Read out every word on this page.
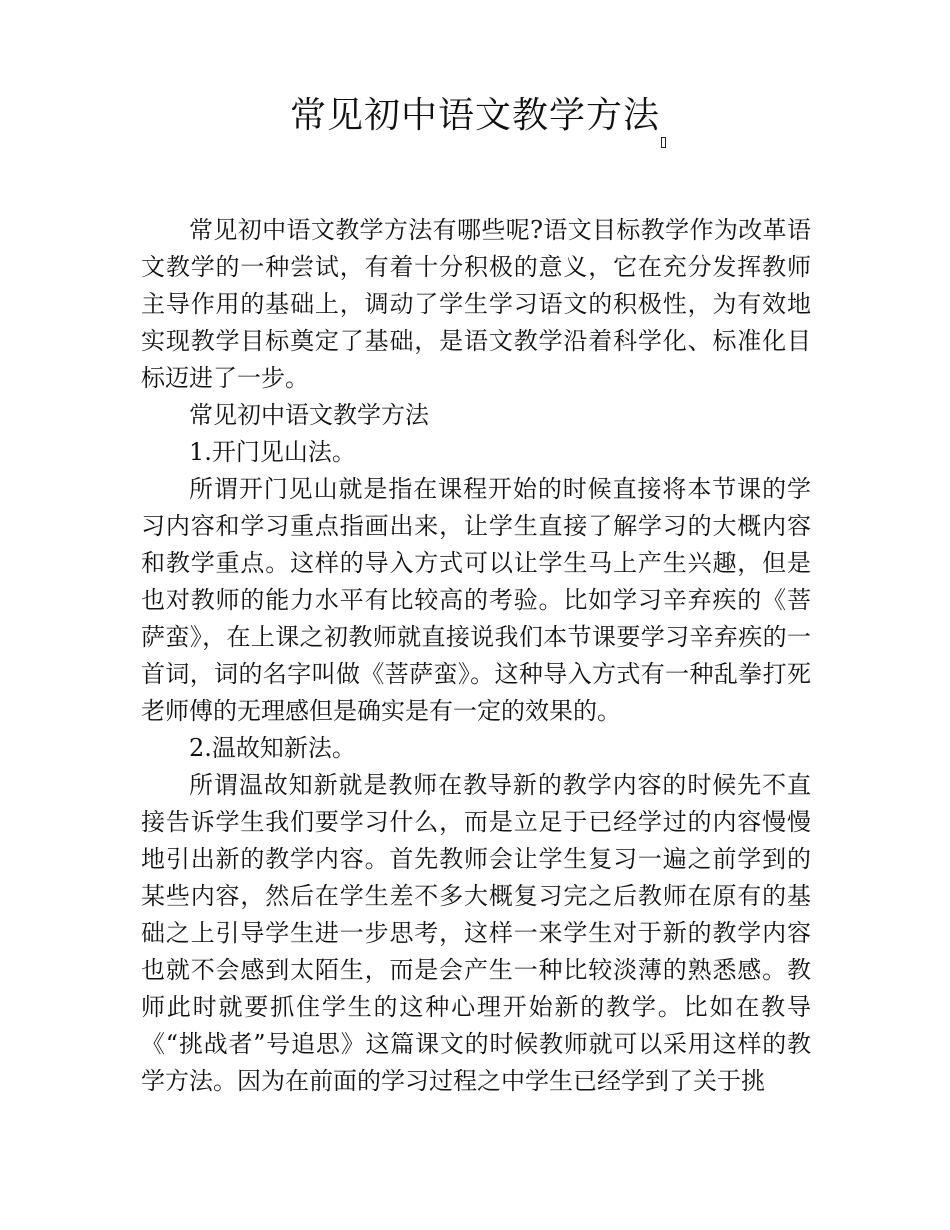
常见初中语文教学方法

常见初中语文教学方法有哪些呢?语文目标教学作为改革语文教学的一种尝试，有着十分积极的意义，它在充分发挥教师主导作用的基础上，调动了学生学习语文的积极性，为有效地实现教学目标奠定了基础，是语文教学沿着科学化、标准化目标迈进了一步。

常见初中语文教学方法

1.开门见山法。

所谓开门见山就是指在课程开始的时候直接将本节课的学习内容和学习重点指画出来，让学生直接了解学习的大概内容和教学重点。这样的导入方式可以让学生马上产生兴趣，但是也对教师的能力水平有比较高的考验。比如学习辛弃疾的《菩萨蛮》，在上课之初教师就直接说我们本节课要学习辛弃疾的一首词，词的名字叫做《菩萨蛮》。这种导入方式有一种乱拳打死老师傅的无理感但是确实是有一定的效果的。

2.温故知新法。

所谓温故知新就是教师在教导新的教学内容的时候先不直接告诉学生我们要学习什么，而是立足于已经学过的内容慢慢地引出新的教学内容。首先教师会让学生复习一遍之前学到的某些内容，然后在学生差不多大概复习完之后教师在原有的基础之上引导学生进一步思考，这样一来学生对于新的教学内容也就不会感到太陌生，而是会产生一种比较淡薄的熟悉感。教师此时就要抓住学生的这种心理开始新的教学。比如在教导《“挑战者”号追思》这篇课文的时候教师就可以采用这样的教学方法。因为在前面的学习过程之中学生已经学到了关于挑
